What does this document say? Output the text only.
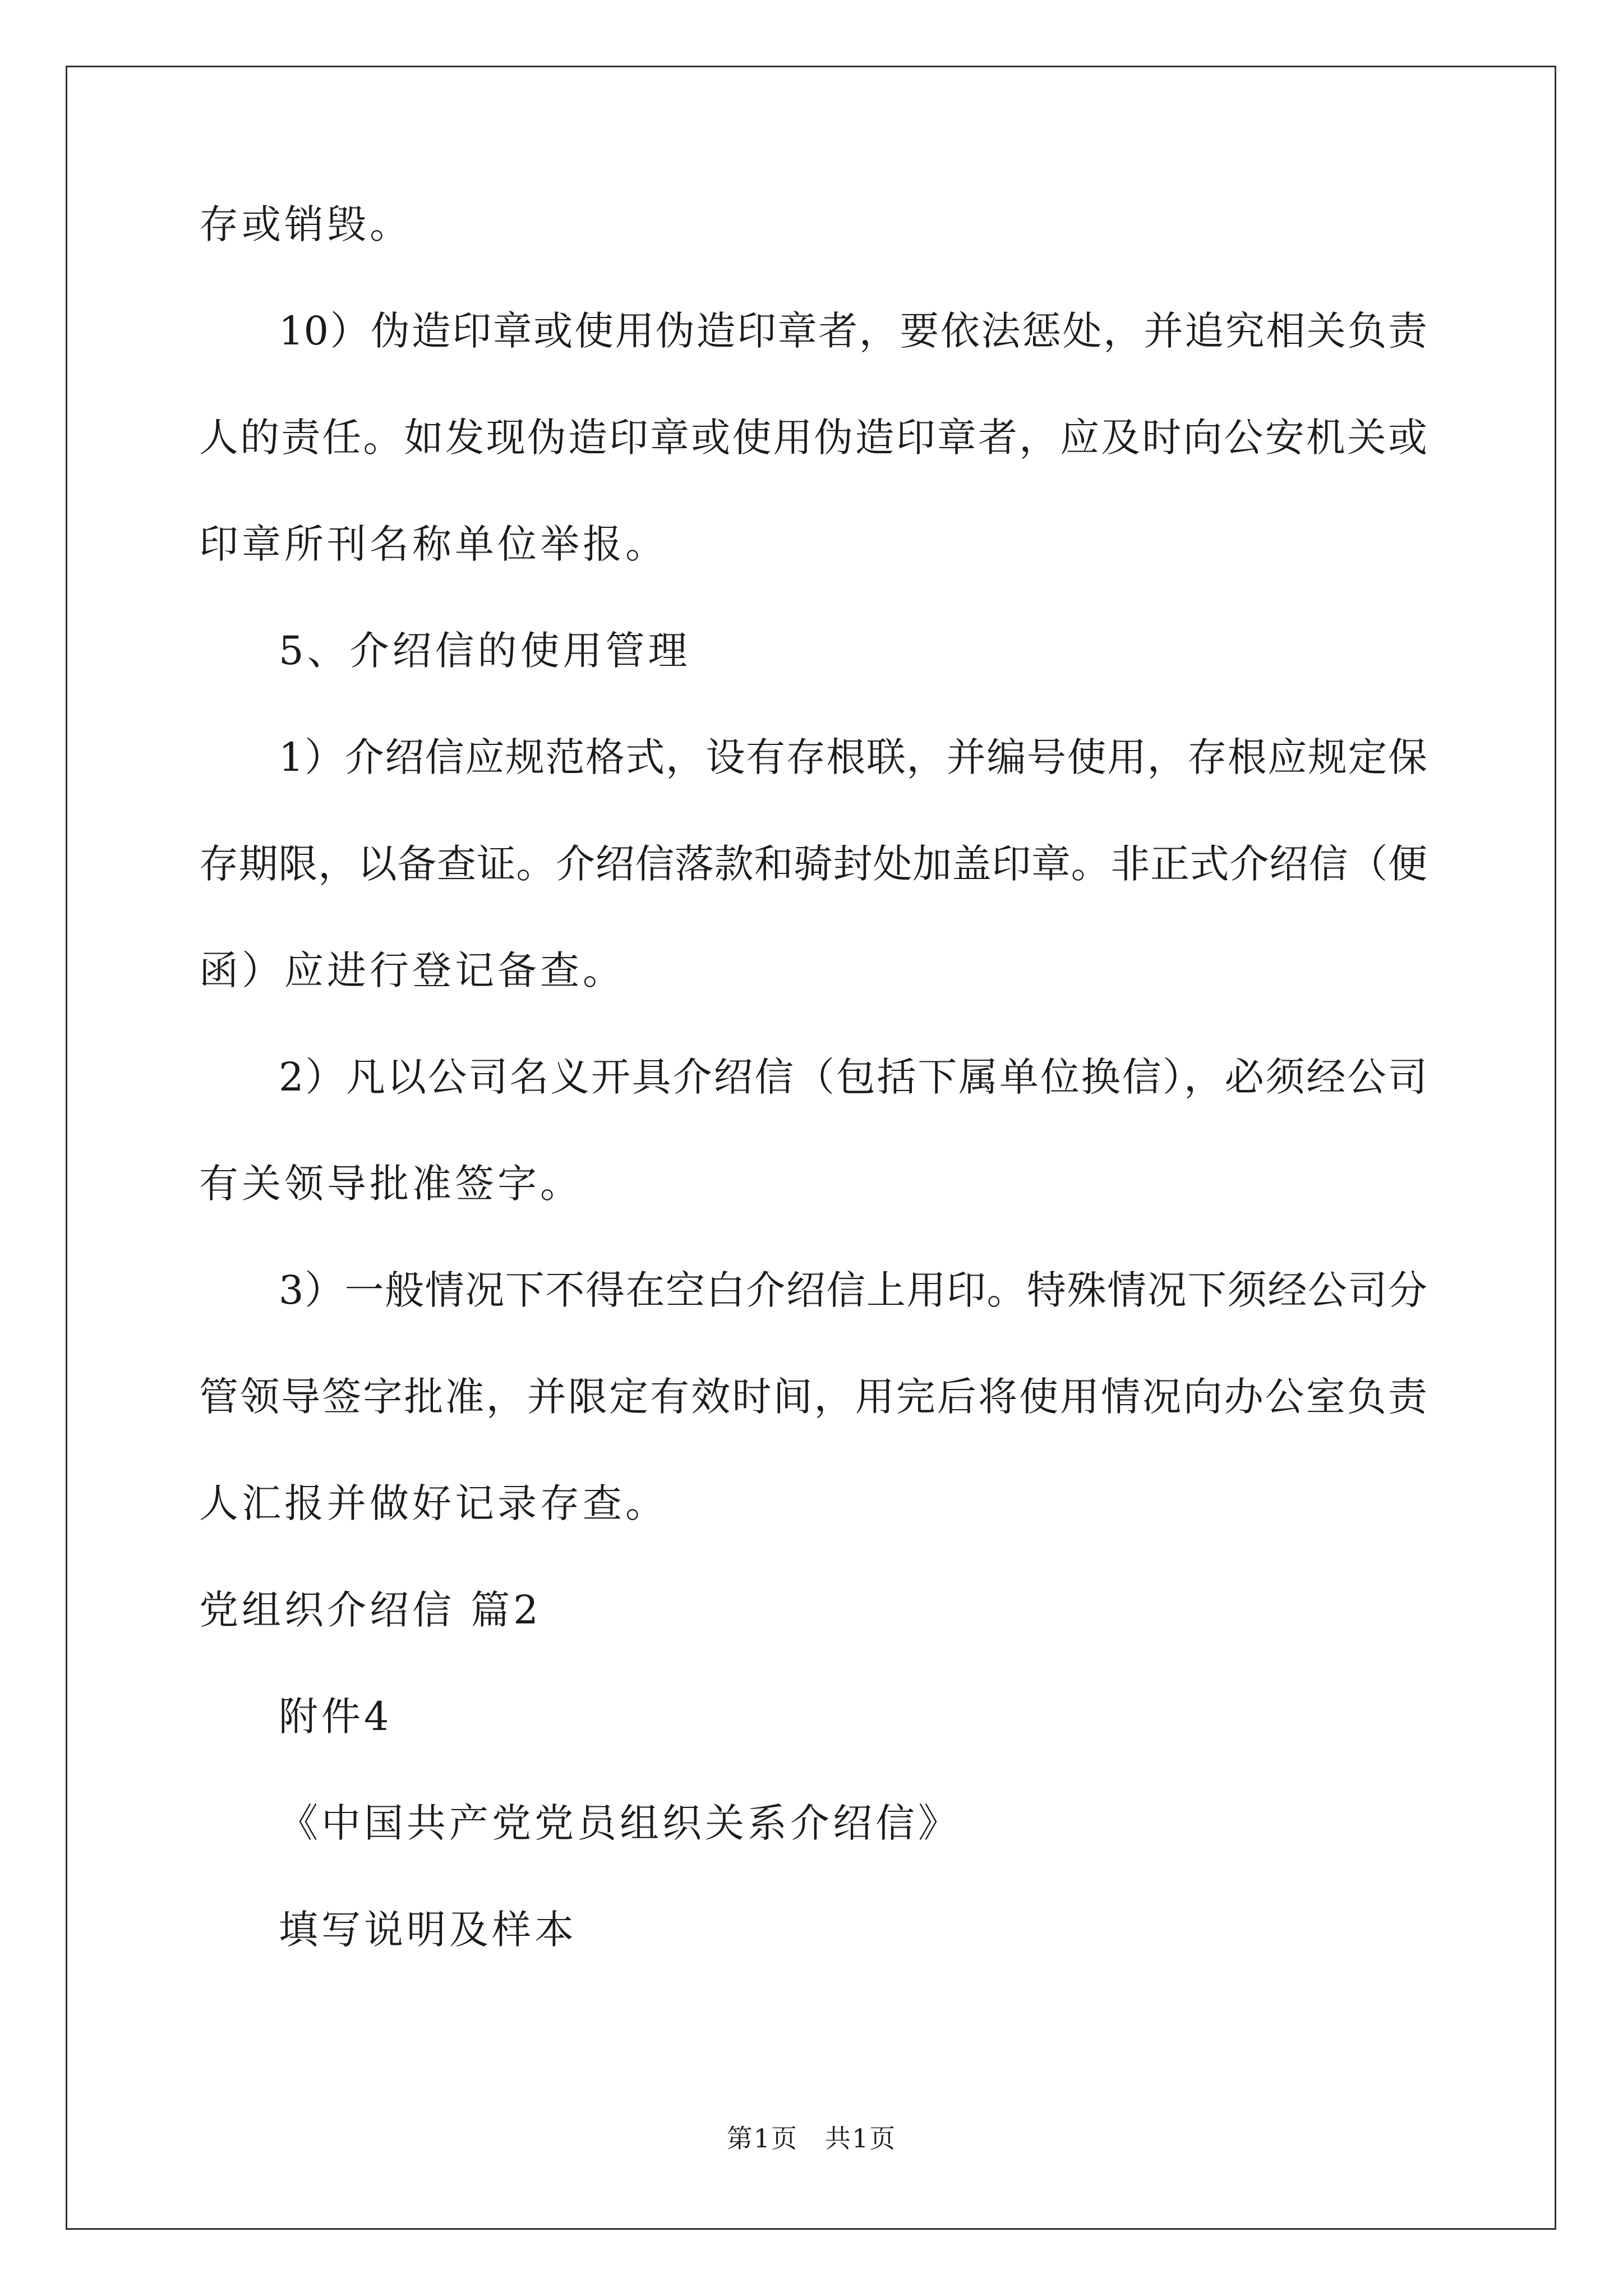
存或销毁。
10）伪造印章或使用伪造印章者，要依法惩处，并追究相关负责
人的责任。如发现伪造印章或使用伪造印章者，应及时向公安机关或
印章所刊名称单位举报。
5、介绍信的使用管理
1）介绍信应规范格式，设有存根联，并编号使用，存根应规定保
存期限，以备查证。介绍信落款和骑封处加盖印章。非正式介绍信（便
函）应进行登记备查。
2）凡以公司名义开具介绍信（包括下属单位换信），必须经公司
有关领导批准签字。
3）一般情况下不得在空白介绍信上用印。特殊情况下须经公司分
管领导签字批准，并限定有效时间，用完后将使用情况向办公室负责
人汇报并做好记录存查。
党组织介绍信 篇2
附件4
《中国共产党党员组织关系介绍信》
填写说明及样本
第1页　共1页
